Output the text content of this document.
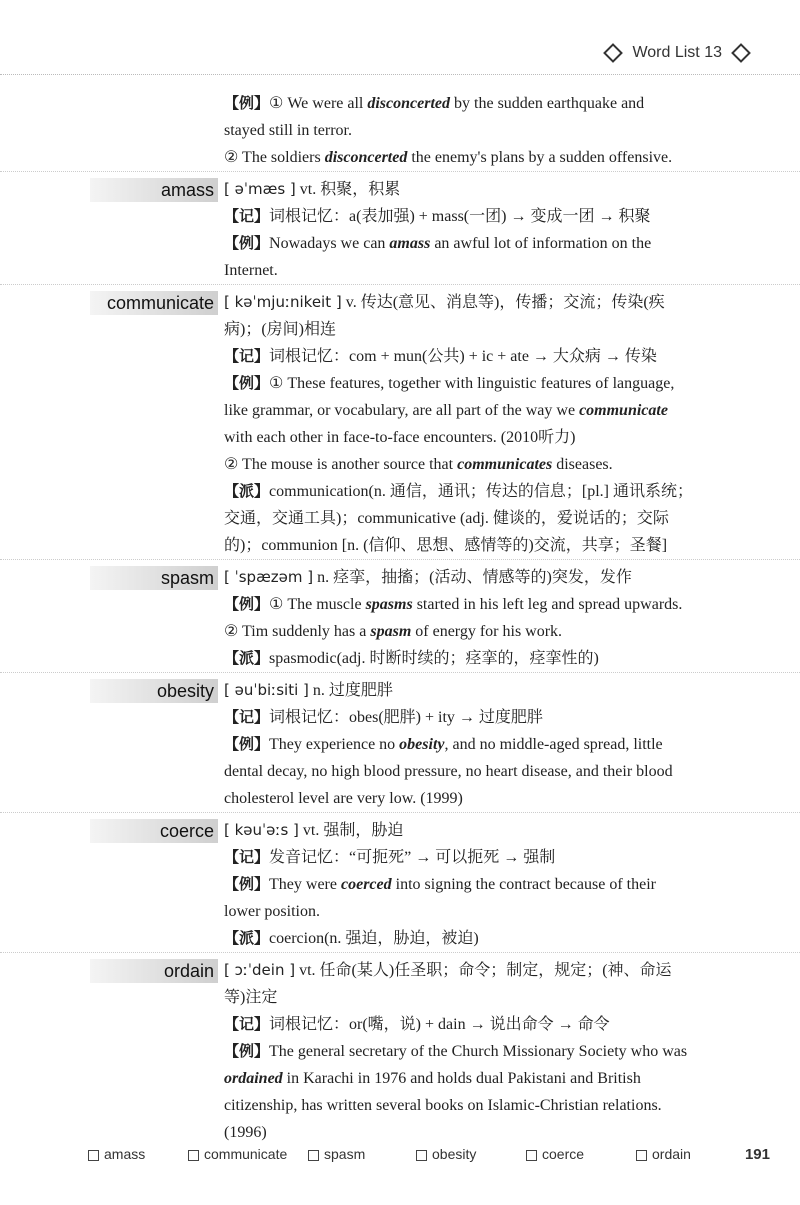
Word List 13
【例】① We were all disconcerted by the sudden earthquake and
stayed still in terror.
② The soldiers disconcerted the enemy's plans by a sudden offensive.
amass [ əˈmæs ] vt. 积聚，积累
【记】词根记忆：a(表加强) + mass(一团) → 变成一团 → 积聚
【例】Nowadays we can amass an awful lot of information on the
Internet.
communicate [ kəˈmjuːnikeit ] v. 传达(意见、消息等)，传播；交流；传染(疾
病)；(房间)相连
【记】词根记忆：com + mun(公共) + ic + ate → 大众病 → 传染
【例】① These features, together with linguistic features of language,
like grammar, or vocabulary, are all part of the way we communicate
with each other in face-to-face encounters. (2010听力)
② The mouse is another source that communicates diseases.
【派】communication(n. 通信，通讯；传达的信息；[pl.] 通讯系统；
交通，交通工具)；communicative (adj. 健谈的，爱说话的；交际
的)；communion [n. (信仰、思想、感情等的)交流，共享；圣餐]
spasm [ ˈspæzəm ] n. 痉挛，抽搐；(活动、情感等的)突发，发作
【例】① The muscle spasms started in his left leg and spread upwards.
② Tim suddenly has a spasm of energy for his work.
【派】spasmodic(adj. 时断时续的；痉挛的，痉挛性的)
obesity [ əuˈbiːsiti ] n. 过度肥胖
【记】词根记忆：obes(肥胖) + ity → 过度肥胖
【例】They experience no obesity, and no middle-aged spread, little
dental decay, no high blood pressure, no heart disease, and their blood
cholesterol level are very low. (1999)
coerce [ kəuˈəːs ] vt. 强制，胁迫
【记】发音记忆：“可扼死” → 可以扼死 → 强制
【例】They were coerced into signing the contract because of their
lower position.
【派】coercion(n. 强迫，胁迫，被迫)
ordain [ ɔːˈdein ] vt. 任命(某人)任圣职；命令；制定，规定；(神、命运
等)注定
【记】词根记忆：or(嘴，说) + dain → 说出命令 → 命令
【例】The general secretary of the Church Missionary Society who was
ordained in Karachi in 1976 and holds dual Pakistani and British
citizenship, has written several books on Islamic-Christian relations.
(1996)
191
amass	communicate	spasm	obesity	coerce	ordain
